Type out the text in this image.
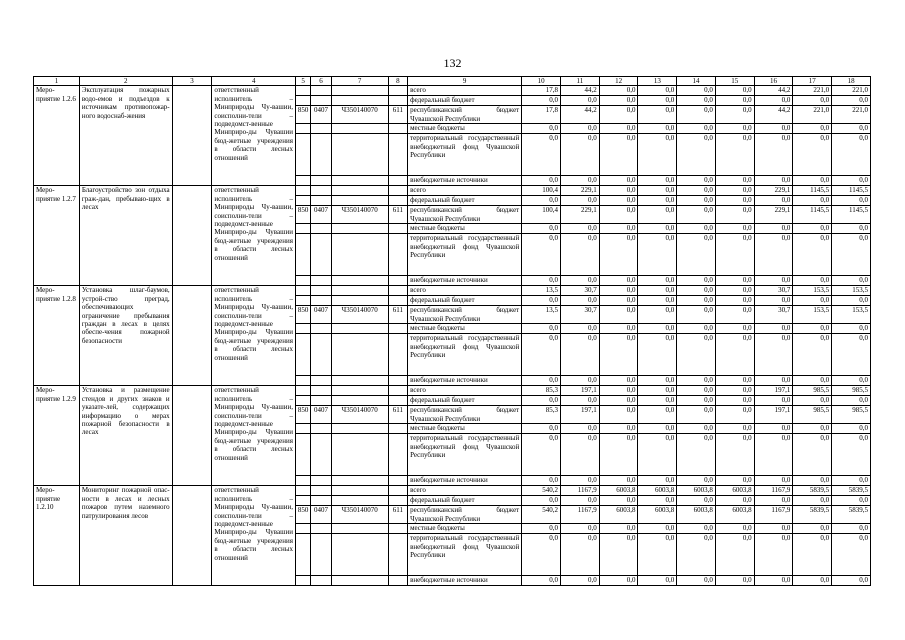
132
1	2	3	4	5	6	7	8	9	10	11	12	13	14	15	16	17	18
Меро-приятие 1.2.6	Эксплуатация пожарных водо-емов и подъездов к источникам противопожар-ного водоснаб-жения		ответственный исполнитель – Минприроды Чу-вашии, соисполни-тели – подведомст-венные Минприро-ды Чувашии бюд-жетные учреждения в области лесных отношений					всего	17,8	44,2	0,0	0,0	0,0	0,0	44,2	221,0	221,0
								федеральный бюджет	0,0	0,0	0,0	0,0	0,0	0,0	0,0	0,0	0,0
				850	0407	Ч350140070	611	республиканский бюджет Чувашской Республики	17,8	44,2	0,0	0,0	0,0	0,0	44,2	221,0	221,0
								местные бюджеты	0,0	0,0	0,0	0,0	0,0	0,0	0,0	0,0	0,0
								территориальный государственный внебюджетный фонд Чувашской Республики	0,0	0,0	0,0	0,0	0,0	0,0	0,0	0,0	0,0
								внебюджетные источники	0,0	0,0	0,0	0,0	0,0	0,0	0,0	0,0	0,0
Меро-приятие 1.2.7	Благоустройство зон отдыха граж-дан, пребываю-щих в лесах		ответственный исполнитель – Минприроды Чу-вашии, соисполни-тели – подведомст-венные Минприро-ды Чувашии бюд-жетные учреждения в области лесных отношений					всего	100,4	229,1	0,0	0,0	0,0	0,0	229,1	1145,5	1145,5
								федеральный бюджет	0,0	0,0	0,0	0,0	0,0	0,0	0,0	0,0	0,0
				850	0407	Ч350140070	611	республиканский бюджет Чувашской Республики	100,4	229,1	0,0	0,0	0,0	0,0	229,1	1145,5	1145,5
								местные бюджеты	0,0	0,0	0,0	0,0	0,0	0,0	0,0	0,0	0,0
								территориальный государственный внебюджетный фонд Чувашской Республики	0,0	0,0	0,0	0,0	0,0	0,0	0,0	0,0	0,0
								внебюджетные источники	0,0	0,0	0,0	0,0	0,0	0,0	0,0	0,0	0,0
Меро-приятие 1.2.8	Установка шлаг-баумов, устрой-ство преград, обеспечивающих ограничение пребывания граждан в лесах в целях обеспе-чения пожарной безопасности		ответственный исполнитель – Минприроды Чу-вашии, соисполни-тели – подведомст-венные Минприро-ды Чувашии бюд-жетные учреждения в области лесных отношений					всего	13,5	30,7	0,0	0,0	0,0	0,0	30,7	153,5	153,5
								федеральный бюджет	0,0	0,0	0,0	0,0	0,0	0,0	0,0	0,0	0,0
				850	0407	Ч350140070	611	республиканский бюджет Чувашской Республики	13,5	30,7	0,0	0,0	0,0	0,0	30,7	153,5	153,5
								местные бюджеты	0,0	0,0	0,0	0,0	0,0	0,0	0,0	0,0	0,0
								территориальный государственный внебюджетный фонд Чувашской Республики	0,0	0,0	0,0	0,0	0,0	0,0	0,0	0,0	0,0
								внебюджетные источники	0,0	0,0	0,0	0,0	0,0	0,0	0,0	0,0	0,0
Меро-приятие 1.2.9	Установка и размещение стендов и других знаков и указате-лей, содержащих информацию о мерах пожарной безопасности в лесах		ответственный исполнитель – Минприроды Чу-вашии, соисполни-тели – подведомст-венные Минприро-ды Чувашии бюд-жетные учреждения в области лесных отношений					всего	85,3	197,1	0,0	0,0	0,0	0,0	197,1	985,5	985,5
								федеральный бюджет	0,0	0,0	0,0	0,0	0,0	0,0	0,0	0,0	0,0
				850	0407	Ч350140070	611	республиканский бюджет Чувашской Республики	85,3	197,1	0,0	0,0	0,0	0,0	197,1	985,5	985,5
								местные бюджеты	0,0	0,0	0,0	0,0	0,0	0,0	0,0	0,0	0,0
								территориальный государственный внебюджетный фонд Чувашской Республики	0,0	0,0	0,0	0,0	0,0	0,0	0,0	0,0	0,0
								внебюджетные источники	0,0	0,0	0,0	0,0	0,0	0,0	0,0	0,0	0,0
Меро-приятие 1.2.10	Мониторинг пожарной опас-ности в лесах и лесных пожаров путем наземного патрулирования лесов		ответственный исполнитель – Минприроды Чу-вашии, соисполни-тели – подведомст-венные Минприро-ды Чувашии бюд-жетные учреждения в области лесных отношений					всего	540,2	1167,9	6003,8	6003,8	6003,8	6003,8	1167,9	5839,5	5839,5
								федеральный бюджет	0,0	0,0	0,0	0,0	0,0	0,0	0,0	0,0	0,0
				850	0407	Ч350140070	611	республиканский бюджет Чувашской Республики	540,2	1167,9	6003,8	6003,8	6003,8	6003,8	1167,9	5839,5	5839,5
								местные бюджеты	0,0	0,0	0,0	0,0	0,0	0,0	0,0	0,0	0,0
								территориальный государственный внебюджетный фонд Чувашской Республики	0,0	0,0	0,0	0,0	0,0	0,0	0,0	0,0	0,0
								внебюджетные источники	0,0	0,0	0,0	0,0	0,0	0,0	0,0	0,0	0,0
